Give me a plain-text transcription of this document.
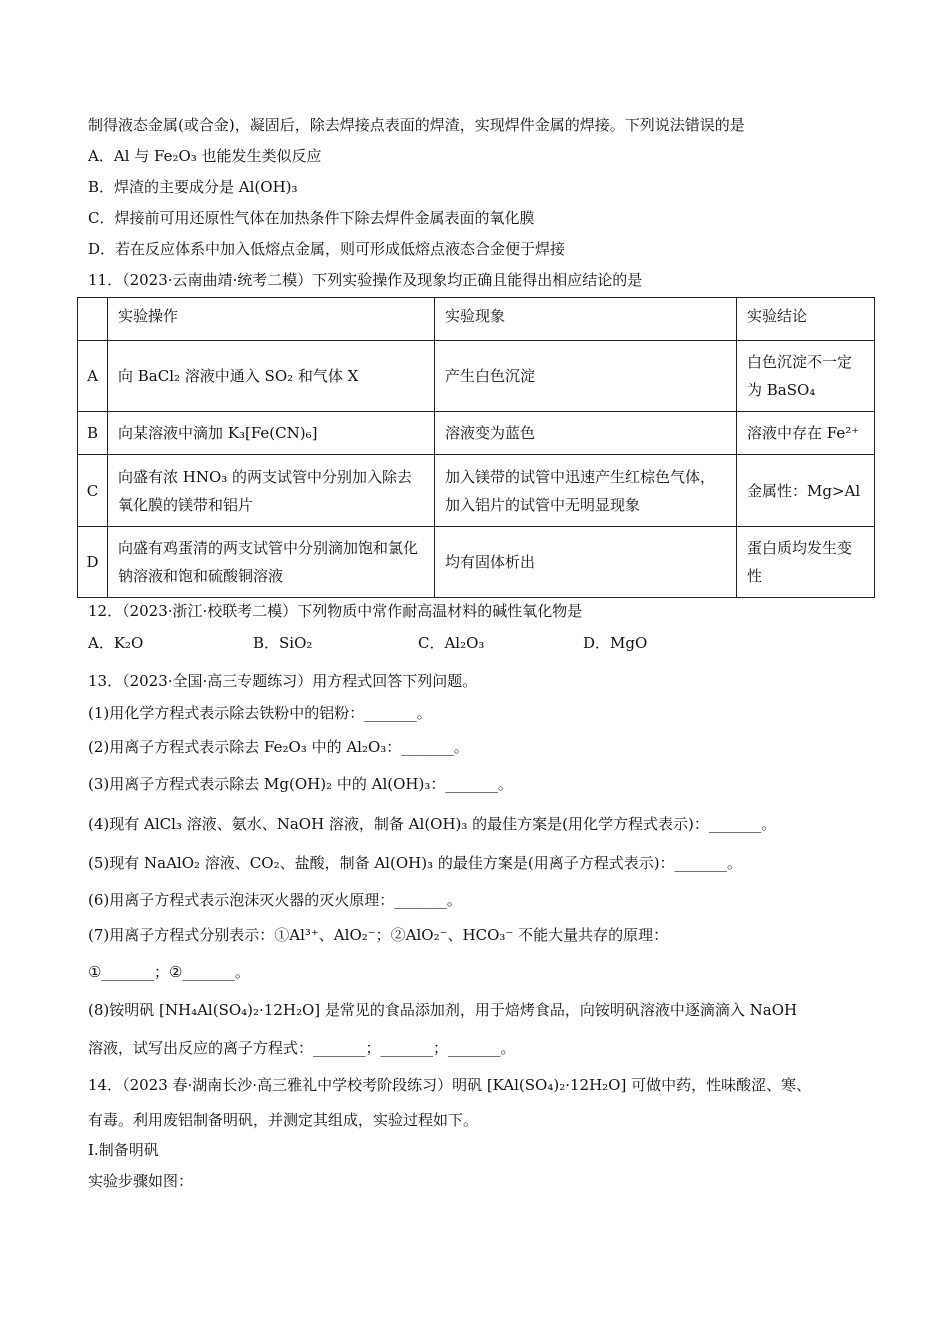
制得液态金属(或合金)，凝固后，除去焊接点表面的焊渣，实现焊件金属的焊接。下列说法错误的是
A．Al 与 Fe₂O₃ 也能发生类似反应
B．焊渣的主要成分是 Al(OH)₃
C．焊接前可用还原性气体在加热条件下除去焊件金属表面的氧化膜
D．若在反应体系中加入低熔点金属，则可形成低熔点液态合金便于焊接
11．（2023·云南曲靖·统考二模）下列实验操作及现象均正确且能得出相应结论的是
	实验操作	实验现象	实验结论
A	向 BaCl₂ 溶液中通入 SO₂ 和气体 X	产生白色沉淀	白色沉淀不一定为 BaSO₄
B	向某溶液中滴加 K₃[Fe(CN)₆]	溶液变为蓝色	溶液中存在 Fe²⁺
C	向盛有浓 HNO₃ 的两支试管中分别加入除去氧化膜的镁带和铝片	加入镁带的试管中迅速产生红棕色气体，加入铝片的试管中无明显现象	金属性：Mg>Al
D	向盛有鸡蛋清的两支试管中分别滴加饱和氯化钠溶液和饱和硫酸铜溶液	均有固体析出	蛋白质均发生变性
12．（2023·浙江·校联考二模）下列物质中常作耐高温材料的碱性氧化物是
A．K₂O	B．SiO₂	C．Al₂O₃	D．MgO
13．（2023·全国·高三专题练习）用方程式回答下列问题。
(1)用化学方程式表示除去铁粉中的铝粉：_______。
(2)用离子方程式表示除去 Fe₂O₃ 中的 Al₂O₃：_______。
(3)用离子方程式表示除去 Mg(OH)₂ 中的 Al(OH)₃：_______。
(4)现有 AlCl₃ 溶液、氨水、NaOH 溶液，制备 Al(OH)₃ 的最佳方案是(用化学方程式表示)：_______。
(5)现有 NaAlO₂ 溶液、CO₂、盐酸，制备 Al(OH)₃ 的最佳方案是(用离子方程式表示)：_______。
(6)用离子方程式表示泡沫灭火器的灭火原理：_______。
(7)用离子方程式分别表示：①Al³⁺、AlO₂⁻；②AlO₂⁻、HCO₃⁻ 不能大量共存的原理：
①_______；②_______。
(8)铵明矾 [NH₄Al(SO₄)₂·12H₂O] 是常见的食品添加剂，用于焙烤食品，向铵明矾溶液中逐滴滴入 NaOH
溶液，试写出反应的离子方程式：_______；_______；_______。
14．（2023 春·湖南长沙·高三雅礼中学校考阶段练习）明矾 [KAl(SO₄)₂·12H₂O] 可做中药，性味酸涩、寒、
有毒。利用废铝制备明矾，并测定其组成，实验过程如下。
I.制备明矾
实验步骤如图：
